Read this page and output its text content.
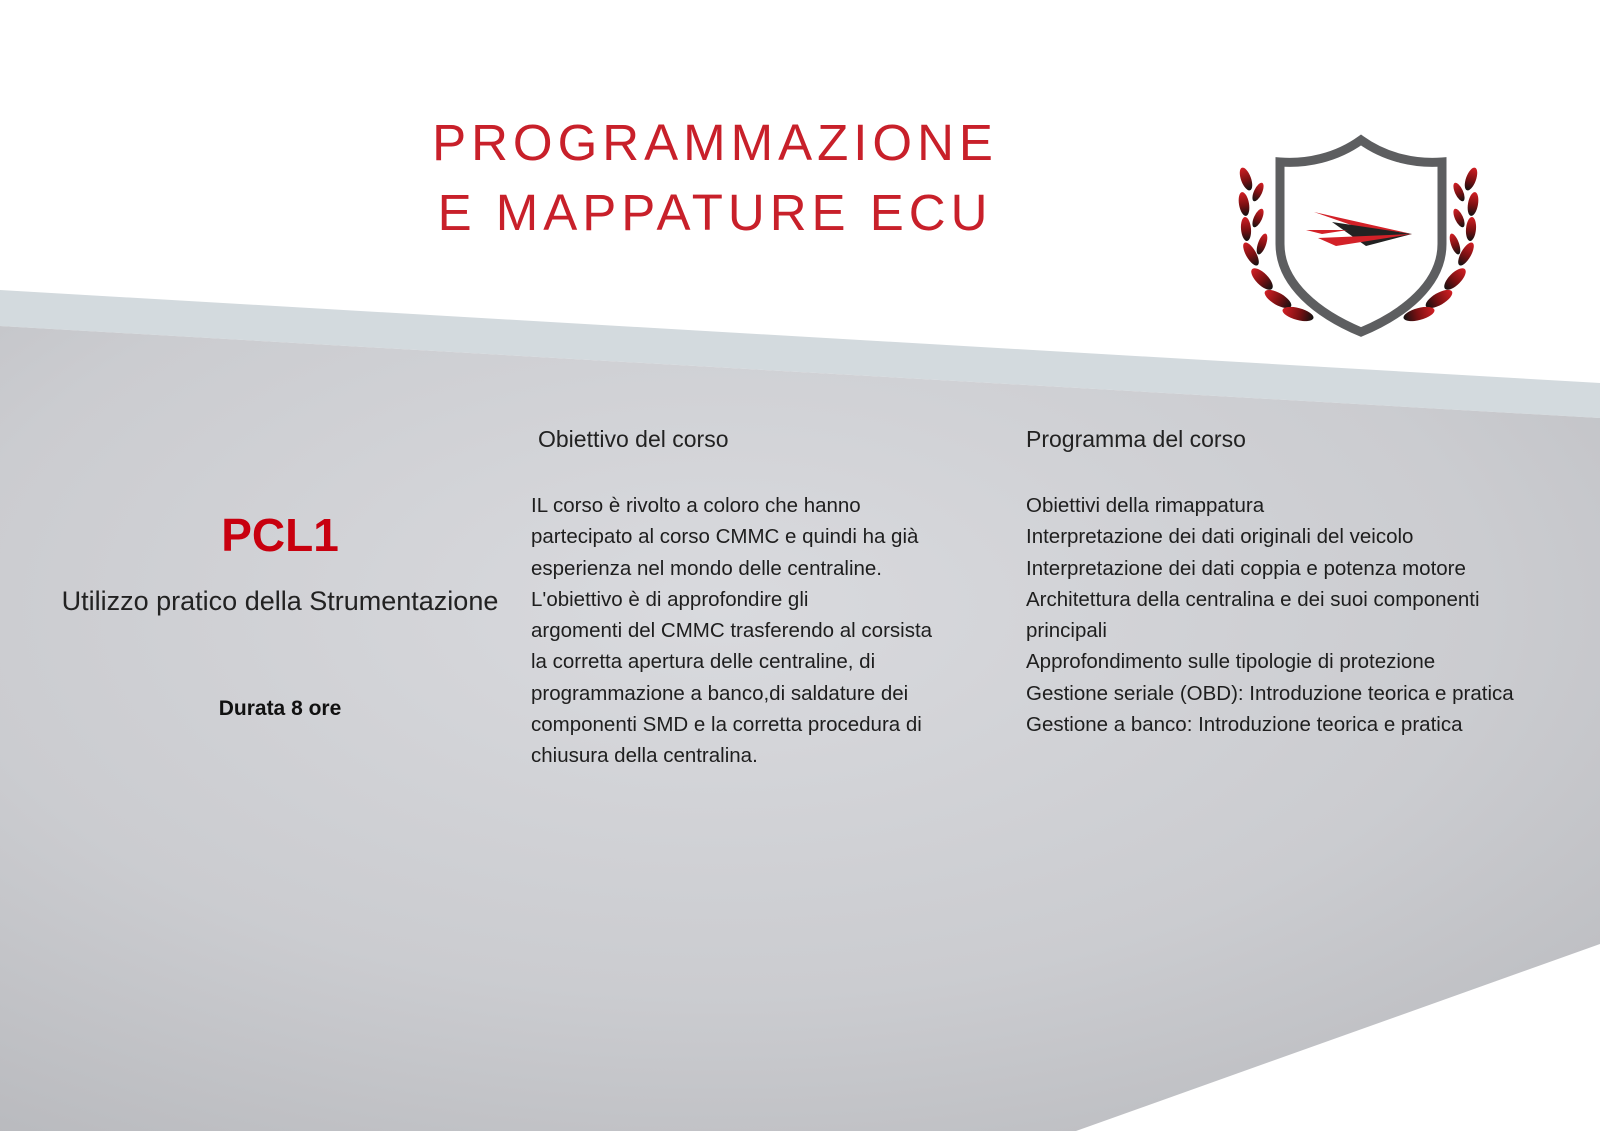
PROGRAMMAZIONE
E MAPPATURE ECU
PCL1
Utilizzo pratico della Strumentazione
Durata 8 ore
Obiettivo del corso
IL corso è rivolto a coloro che hanno
partecipato al corso CMMC e quindi ha già
esperienza nel mondo delle centraline.
L'obiettivo è di approfondire gli
argomenti del CMMC trasferendo al corsista
la corretta apertura delle centraline, di
programmazione a banco,di saldature dei
componenti SMD e la corretta procedura di
chiusura della centralina.
Programma del corso
Obiettivi della rimappatura
Interpretazione dei dati originali del veicolo
Interpretazione dei dati coppia e potenza motore
Architettura della centralina e dei suoi componenti
principali
Approfondimento sulle tipologie di protezione
Gestione seriale (OBD): Introduzione teorica e pratica
Gestione a banco: Introduzione teorica e pratica
